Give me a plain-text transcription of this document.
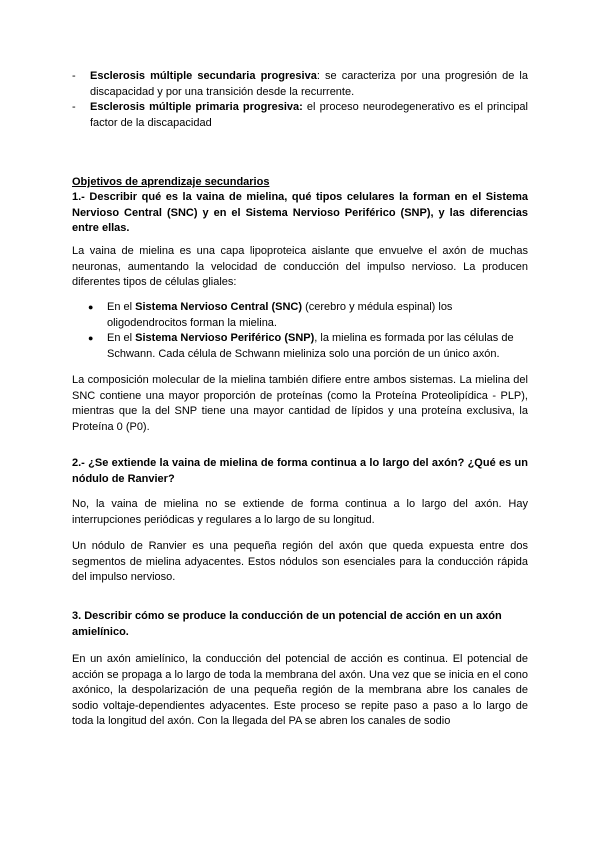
- Esclerosis múltiple secundaria progresiva: se caracteriza por una progresión de la discapacidad y por una transición desde la recurrente.
- Esclerosis múltiple primaria progresiva: el proceso neurodegenerativo es el principal factor de la discapacidad
Objetivos de aprendizaje secundarios
1.- Describir qué es la vaina de mielina, qué tipos celulares la forman en el Sistema Nervioso Central (SNC) y en el Sistema Nervioso Periférico (SNP), y las diferencias entre ellas.

La vaina de mielina es una capa lipoproteica aislante que envuelve el axón de muchas neuronas, aumentando la velocidad de conducción del impulso nervioso. La producen diferentes tipos de células gliales:

● En el Sistema Nervioso Central (SNC) (cerebro y médula espinal) los oligodendrocitos forman la mielina.
● En el Sistema Nervioso Periférico (SNP), la mielina es formada por las células de Schwann. Cada célula de Schwann mieliniza solo una porción de un único axón.

La composición molecular de la mielina también difiere entre ambos sistemas. La mielina del SNC contiene una mayor proporción de proteínas (como la Proteína Proteolipídica - PLP), mientras que la del SNP tiene una mayor cantidad de lípidos y una proteína exclusiva, la Proteína 0 (P0).

2.- ¿Se extiende la vaina de mielina de forma continua a lo largo del axón? ¿Qué es un nódulo de Ranvier?

No, la vaina de mielina no se extiende de forma continua a lo largo del axón. Hay interrupciones periódicas y regulares a lo largo de su longitud.

Un nódulo de Ranvier es una pequeña región del axón que queda expuesta entre dos segmentos de mielina adyacentes. Estos nódulos son esenciales para la conducción rápida del impulso nervioso.

3. Describir cómo se produce la conducción de un potencial de acción en un axón amielínico.

En un axón amielínico, la conducción del potencial de acción es continua. El potencial de acción se propaga a lo largo de toda la membrana del axón. Una vez que se inicia en el cono axónico, la despolarización de una pequeña región de la membrana abre los canales de sodio voltaje-dependientes adyacentes. Este proceso se repite paso a paso a lo largo de toda la longitud del axón. Con la llegada del PA se abren los canales de sodio
